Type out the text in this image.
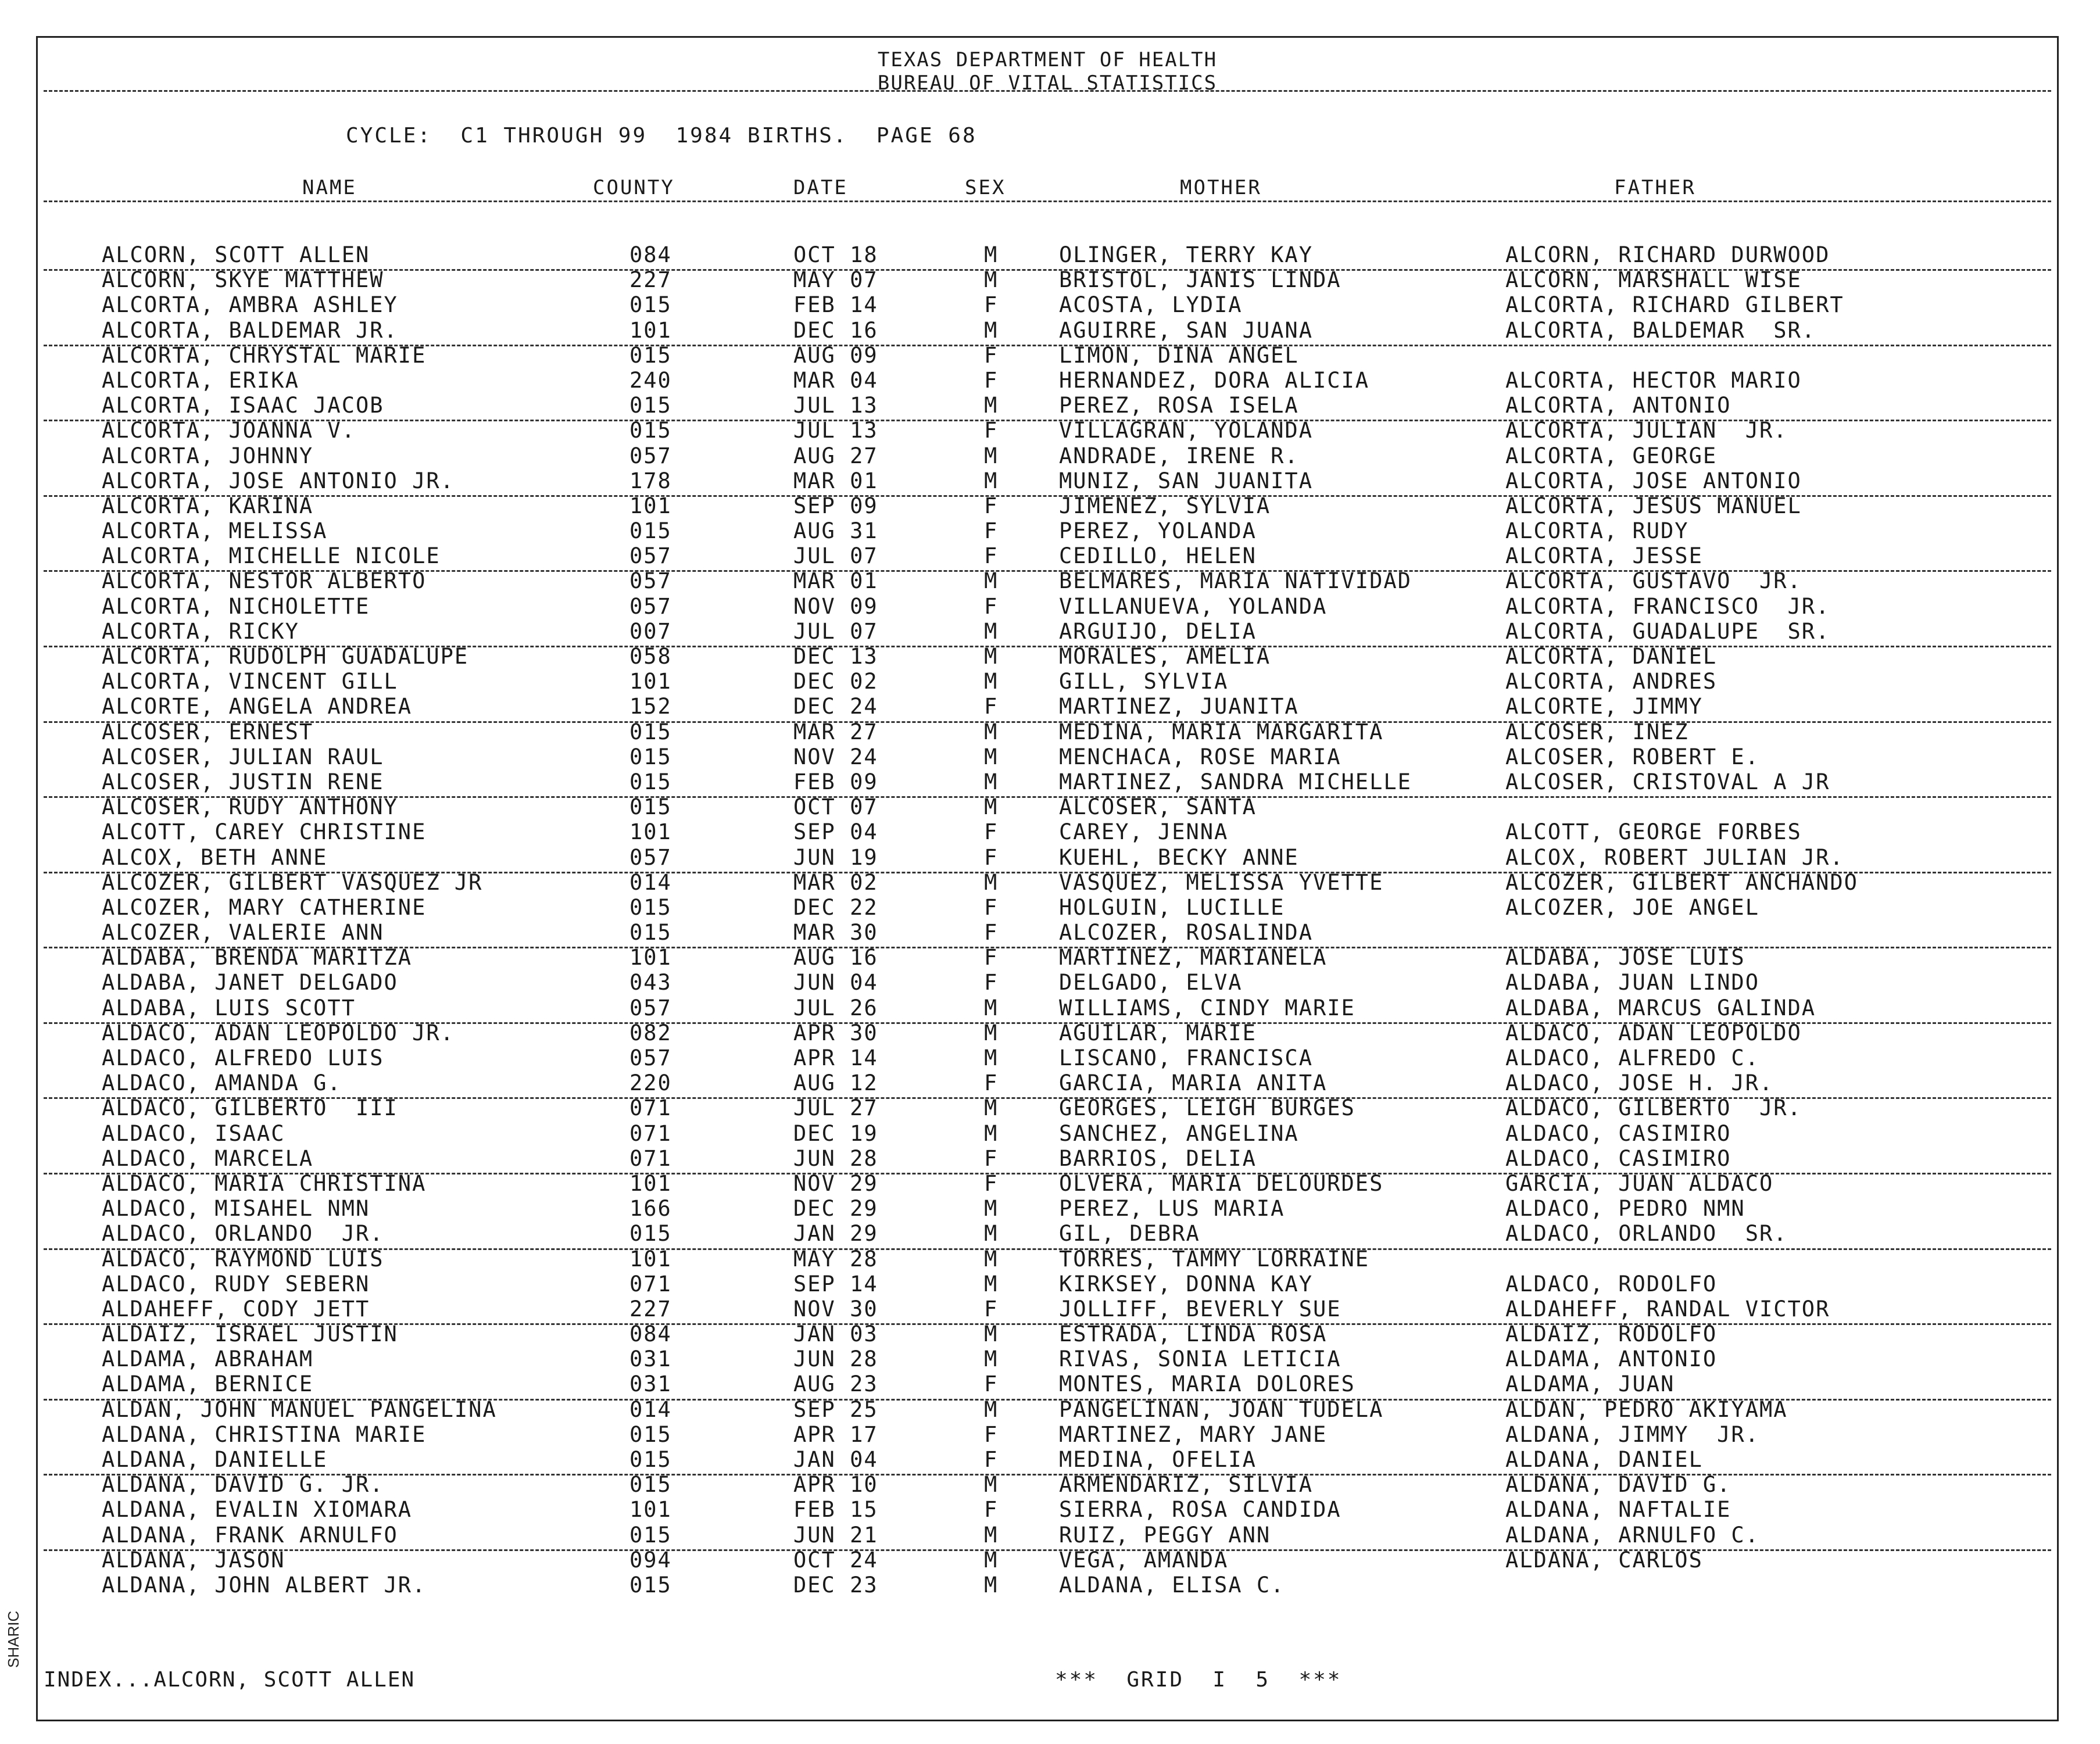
TEXAS DEPARTMENT OF HEALTH
BUREAU OF VITAL STATISTICS
CYCLE:  C1 THROUGH 99  1984 BIRTHS.  PAGE 68
NAME	COUNTY	DATE	SEX	MOTHER	FATHER
ALCORN, SCOTT ALLEN	084	OCT 18	M	OLINGER, TERRY KAY	ALCORN, RICHARD DURWOOD
ALCORN, SKYE MATTHEW	227	MAY 07	M	BRISTOL, JANIS LINDA	ALCORN, MARSHALL WISE
ALCORTA, AMBRA ASHLEY	015	FEB 14	F	ACOSTA, LYDIA	ALCORTA, RICHARD GILBERT
ALCORTA, BALDEMAR JR.	101	DEC 16	M	AGUIRRE, SAN JUANA	ALCORTA, BALDEMAR  SR.
ALCORTA, CHRYSTAL MARIE	015	AUG 09	F	LIMON, DINA ANGEL
ALCORTA, ERIKA	240	MAR 04	F	HERNANDEZ, DORA ALICIA	ALCORTA, HECTOR MARIO
ALCORTA, ISAAC JACOB	015	JUL 13	M	PEREZ, ROSA ISELA	ALCORTA, ANTONIO
ALCORTA, JOANNA V.	015	JUL 13	F	VILLAGRAN, YOLANDA	ALCORTA, JULIAN  JR.
ALCORTA, JOHNNY	057	AUG 27	M	ANDRADE, IRENE R.	ALCORTA, GEORGE
ALCORTA, JOSE ANTONIO JR.	178	MAR 01	M	MUNIZ, SAN JUANITA	ALCORTA, JOSE ANTONIO
ALCORTA, KARINA	101	SEP 09	F	JIMENEZ, SYLVIA	ALCORTA, JESUS MANUEL
ALCORTA, MELISSA	015	AUG 31	F	PEREZ, YOLANDA	ALCORTA, RUDY
ALCORTA, MICHELLE NICOLE	057	JUL 07	F	CEDILLO, HELEN	ALCORTA, JESSE
ALCORTA, NESTOR ALBERTO	057	MAR 01	M	BELMARES, MARIA NATIVIDAD	ALCORTA, GUSTAVO  JR.
ALCORTA, NICHOLETTE	057	NOV 09	F	VILLANUEVA, YOLANDA	ALCORTA, FRANCISCO  JR.
ALCORTA, RICKY	007	JUL 07	M	ARGUIJO, DELIA	ALCORTA, GUADALUPE  SR.
ALCORTA, RUDOLPH GUADALUPE	058	DEC 13	M	MORALES, AMELIA	ALCORTA, DANIEL
ALCORTA, VINCENT GILL	101	DEC 02	M	GILL, SYLVIA	ALCORTA, ANDRES
ALCORTE, ANGELA ANDREA	152	DEC 24	F	MARTINEZ, JUANITA	ALCORTE, JIMMY
ALCOSER, ERNEST	015	MAR 27	M	MEDINA, MARIA MARGARITA	ALCOSER, INEZ
ALCOSER, JULIAN RAUL	015	NOV 24	M	MENCHACA, ROSE MARIA	ALCOSER, ROBERT E.
ALCOSER, JUSTIN RENE	015	FEB 09	M	MARTINEZ, SANDRA MICHELLE	ALCOSER, CRISTOVAL A JR
ALCOSER, RUDY ANTHONY	015	OCT 07	M	ALCOSER, SANTA
ALCOTT, CAREY CHRISTINE	101	SEP 04	F	CAREY, JENNA	ALCOTT, GEORGE FORBES
ALCOX, BETH ANNE	057	JUN 19	F	KUEHL, BECKY ANNE	ALCOX, ROBERT JULIAN JR.
ALCOZER, GILBERT VASQUEZ JR	014	MAR 02	M	VASQUEZ, MELISSA YVETTE	ALCOZER, GILBERT ANCHANDO
ALCOZER, MARY CATHERINE	015	DEC 22	F	HOLGUIN, LUCILLE	ALCOZER, JOE ANGEL
ALCOZER, VALERIE ANN	015	MAR 30	F	ALCOZER, ROSALINDA
ALDABA, BRENDA MARITZA	101	AUG 16	F	MARTINEZ, MARIANELA	ALDABA, JOSE LUIS
ALDABA, JANET DELGADO	043	JUN 04	F	DELGADO, ELVA	ALDABA, JUAN LINDO
ALDABA, LUIS SCOTT	057	JUL 26	M	WILLIAMS, CINDY MARIE	ALDABA, MARCUS GALINDA
ALDACO, ADAN LEOPOLDO JR.	082	APR 30	M	AGUILAR, MARIE	ALDACO, ADAN LEOPOLDO
ALDACO, ALFREDO LUIS	057	APR 14	M	LISCANO, FRANCISCA	ALDACO, ALFREDO C.
ALDACO, AMANDA G.	220	AUG 12	F	GARCIA, MARIA ANITA	ALDACO, JOSE H. JR.
ALDACO, GILBERTO  III	071	JUL 27	M	GEORGES, LEIGH BURGES	ALDACO, GILBERTO  JR.
ALDACO, ISAAC	071	DEC 19	M	SANCHEZ, ANGELINA	ALDACO, CASIMIRO
ALDACO, MARCELA	071	JUN 28	F	BARRIOS, DELIA	ALDACO, CASIMIRO
ALDACO, MARIA CHRISTINA	101	NOV 29	F	OLVERA, MARIA DELOURDES	GARCIA, JUAN ALDACO
ALDACO, MISAHEL NMN	166	DEC 29	M	PEREZ, LUS MARIA	ALDACO, PEDRO NMN
ALDACO, ORLANDO  JR.	015	JAN 29	M	GIL, DEBRA	ALDACO, ORLANDO  SR.
ALDACO, RAYMOND LUIS	101	MAY 28	M	TORRES, TAMMY LORRAINE
ALDACO, RUDY SEBERN	071	SEP 14	M	KIRKSEY, DONNA KAY	ALDACO, RODOLFO
ALDAHEFF, CODY JETT	227	NOV 30	F	JOLLIFF, BEVERLY SUE	ALDAHEFF, RANDAL VICTOR
ALDAIZ, ISRAEL JUSTIN	084	JAN 03	M	ESTRADA, LINDA ROSA	ALDAIZ, RODOLFO
ALDAMA, ABRAHAM	031	JUN 28	M	RIVAS, SONIA LETICIA	ALDAMA, ANTONIO
ALDAMA, BERNICE	031	AUG 23	F	MONTES, MARIA DOLORES	ALDAMA, JUAN
ALDAN, JOHN MANUEL PANGELINA	014	SEP 25	M	PANGELINAN, JOAN TUDELA	ALDAN, PEDRO AKIYAMA
ALDANA, CHRISTINA MARIE	015	APR 17	F	MARTINEZ, MARY JANE	ALDANA, JIMMY  JR.
ALDANA, DANIELLE	015	JAN 04	F	MEDINA, OFELIA	ALDANA, DANIEL
ALDANA, DAVID G. JR.	015	APR 10	M	ARMENDARIZ, SILVIA	ALDANA, DAVID G.
ALDANA, EVALIN XIOMARA	101	FEB 15	F	SIERRA, ROSA CANDIDA	ALDANA, NAFTALIE
ALDANA, FRANK ARNULFO	015	JUN 21	M	RUIZ, PEGGY ANN	ALDANA, ARNULFO C.
ALDANA, JASON	094	OCT 24	M	VEGA, AMANDA	ALDANA, CARLOS
ALDANA, JOHN ALBERT JR.	015	DEC 23	M	ALDANA, ELISA C.
INDEX...ALCORN, SCOTT ALLEN	***  GRID  I  5  ***
SHARIC
